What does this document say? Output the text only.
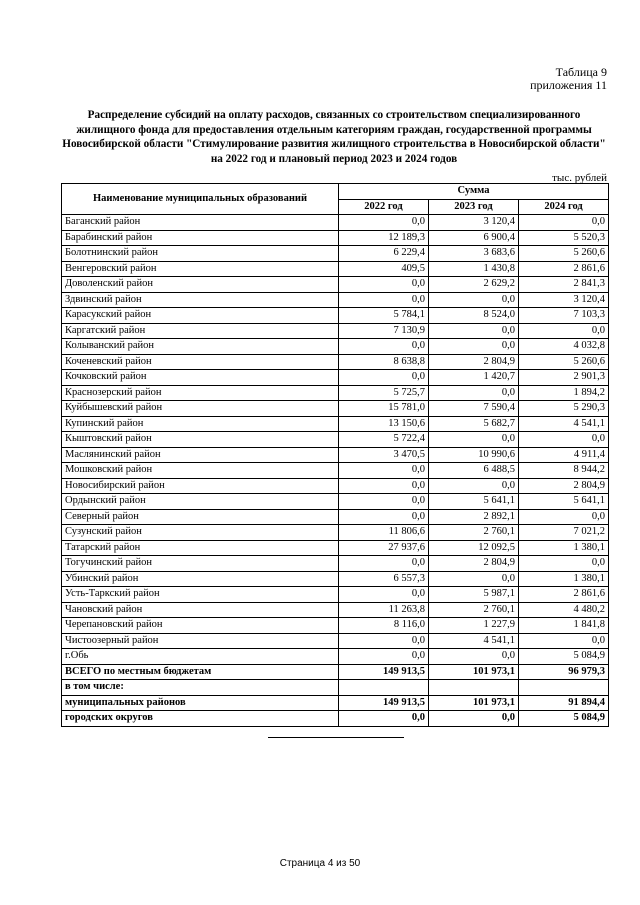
Таблица 9
приложения 11
Распределение субсидий на оплату расходов, связанных со строительством специализированного жилищного фонда для предоставления отдельным категориям граждан, государственной программы Новосибирской области "Стимулирование развития жилищного строительства в Новосибирской области" на 2022 год и плановый период 2023 и 2024 годов
тыс. рублей
Наименование муниципальных образований	Сумма		
	2022 год	2023 год	2024 год
Баганский район	0,0	3 120,4	0,0
Барабинский район	12 189,3	6 900,4	5 520,3
Болотнинский район	6 229,4	3 683,6	5 260,6
Венгеровский район	409,5	1 430,8	2 861,6
Доволенский район	0,0	2 629,2	2 841,3
Здвинский район	0,0	0,0	3 120,4
Карасукский район	5 784,1	8 524,0	7 103,3
Каргатский район	7 130,9	0,0	0,0
Колыванский район	0,0	0,0	4 032,8
Коченевский район	8 638,8	2 804,9	5 260,6
Кочковский район	0,0	1 420,7	2 901,3
Краснозерский район	5 725,7	0,0	1 894,2
Куйбышевский район	15 781,0	7 590,4	5 290,3
Купинский район	13 150,6	5 682,7	4 541,1
Кыштовский район	5 722,4	0,0	0,0
Маслянинский район	3 470,5	10 990,6	4 911,4
Мошковский район	0,0	6 488,5	8 944,2
Новосибирский район	0,0	0,0	2 804,9
Ордынский район	0,0	5 641,1	5 641,1
Северный район	0,0	2 892,1	0,0
Сузунский район	11 806,6	2 760,1	7 021,2
Татарский район	27 937,6	12 092,5	1 380,1
Тогучинский район	0,0	2 804,9	0,0
Убинский район	6 557,3	0,0	1 380,1
Усть-Таркский район	0,0	5 987,1	2 861,6
Чановский район	11 263,8	2 760,1	4 480,2
Черепановский район	8 116,0	1 227,9	1 841,8
Чистоозерный район	0,0	4 541,1	0,0
г.Обь	0,0	0,0	5 084,9
ВСЕГО по местным бюджетам	149 913,5	101 973,1	96 979,3
в том числе:			
муниципальных районов	149 913,5	101 973,1	91 894,4
городских округов	0,0	0,0	5 084,9
Страница 4 из 50
